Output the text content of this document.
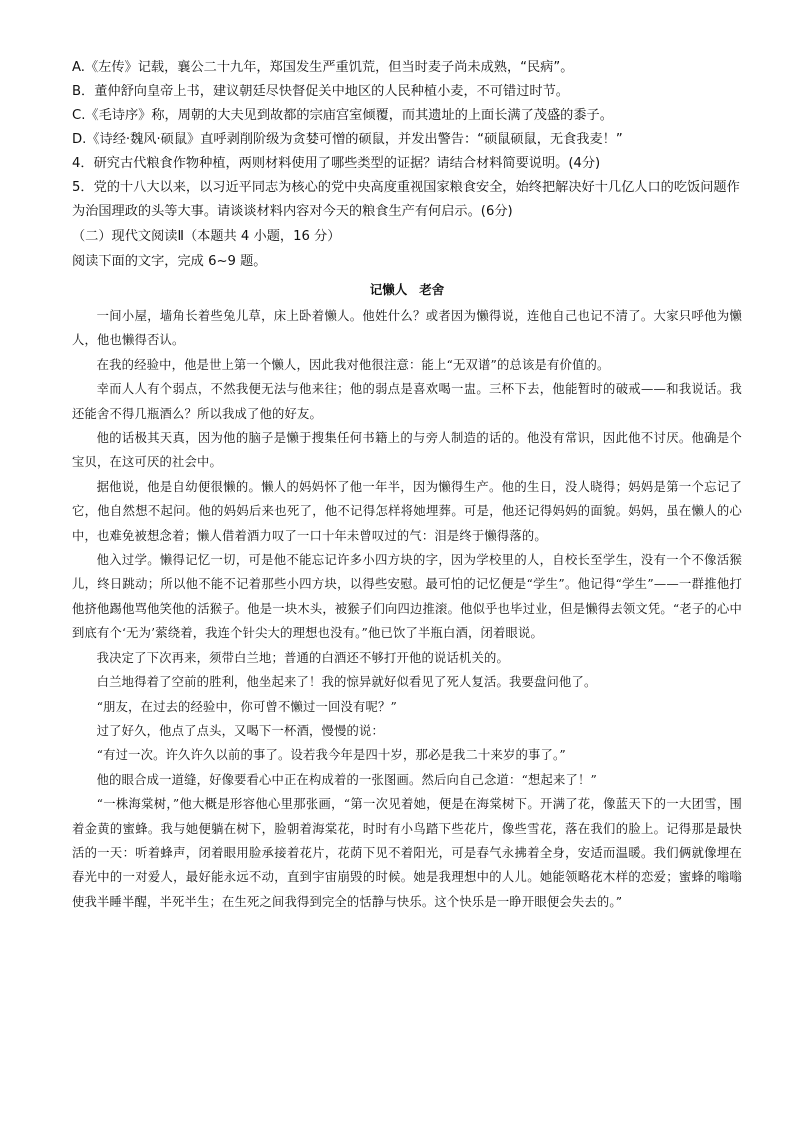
A.《左传》记载，襄公二十九年，郑国发生严重饥荒，但当时麦子尚未成熟，“民病”。

B．董仲舒向皇帝上书，建议朝廷尽快督促关中地区的人民种植小麦，不可错过时节。

C.《毛诗序》称，周朝的大夫见到故都的宗庙宫室倾覆，而其遗址的上面长满了茂盛的黍子。

D.《诗经·魏风·硕鼠》直呼剥削阶级为贪婪可憎的硕鼠，并发出警告：“硕鼠硕鼠，无食我麦！”

4．研究古代粮食作物种植，两则材料使用了哪些类型的证据？请结合材料简要说明。(4分)

5．党的十八大以来，以习近平同志为核心的党中央高度重视国家粮食安全，始终把解决好十几亿人口的吃饭问题作为治国理政的头等大事。请谈谈材料内容对今天的粮食生产有何启示。(6分)

（二）现代文阅读Ⅱ（本题共 4 小题，16 分）

阅读下面的文字，完成 6~9 题。

记懒人 老舍

一间小屋，墙角长着些兔儿草，床上卧着懒人。他姓什么？或者因为懒得说，连他自己也记不清了。大家只呼他为懒人，他也懒得否认。

在我的经验中，他是世上第一个懒人，因此我对他很注意：能上“无双谱”的总该是有价值的。

幸而人人有个弱点，不然我便无法与他来往；他的弱点是喜欢喝一盅。三杯下去，他能暂时的破戒——和我说话。我还能舍不得几瓶酒么？所以我成了他的好友。

他的话极其天真，因为他的脑子是懒于搜集任何书籍上的与旁人制造的话的。他没有常识，因此他不讨厌。他确是个宝贝，在这可厌的社会中。

据他说，他是自幼便很懒的。懒人的妈妈怀了他一年半，因为懒得生产。他的生日，没人晓得；妈妈是第一个忘记了它，他自然想不起问。他的妈妈后来也死了，他不记得怎样将她埋葬。可是，他还记得妈妈的面貌。妈妈，虽在懒人的心中，也难免被想念着；懒人借着酒力叹了一口十年未曾叹过的气：泪是终于懒得落的。

他入过学。懒得记忆一切，可是他不能忘记许多小四方块的字，因为学校里的人，自校长至学生，没有一个不像活猴儿，终日跳动；所以他不能不记着那些小四方块，以得些安慰。最可怕的记忆便是“学生”。他记得“学生”——一群推他打他挤他踢他骂他笑他的活猴子。他是一块木头，被猴子们向四边推滚。他似乎也毕过业，但是懒得去领文凭。“老子的心中到底有个‘无为’萦绕着，我连个针尖大的理想也没有。”他已饮了半瓶白酒，闭着眼说。

我决定了下次再来，须带白兰地；普通的白酒还不够打开他的说话机关的。

白兰地得着了空前的胜利，他坐起来了！我的惊异就好似看见了死人复活。我要盘问他了。

“朋友，在过去的经验中，你可曾不懒过一回没有呢？”

过了好久，他点了点头，又喝下一杯酒，慢慢的说：

“有过一次。许久许久以前的事了。设若我今年是四十岁，那必是我二十来岁的事了。”

他的眼合成一道缝，好像要看心中正在构成着的一张图画。然后向自己念道：“想起来了！”

“一株海棠树，”他大概是形容他心里那张画，“第一次见着她，便是在海棠树下。开满了花，像蓝天下的一大团雪，围着金黄的蜜蜂。我与她便躺在树下，脸朝着海棠花，时时有小鸟踏下些花片，像些雪花，落在我们的脸上。记得那是最快活的一天：听着蜂声，闭着眼用脸承接着花片，花荫下见不着阳光，可是春气永拂着全身，安适而温暖。我们俩就像埋在春光中的一对爱人，最好能永远不动，直到宇宙崩毁的时候。她是我理想中的人儿。她能领略花木样的恋爱；蜜蜂的嗡嗡使我半睡半醒，半死半生；在生死之间我得到完全的恬静与快乐。这个快乐是一睁开眼便会失去的。”
